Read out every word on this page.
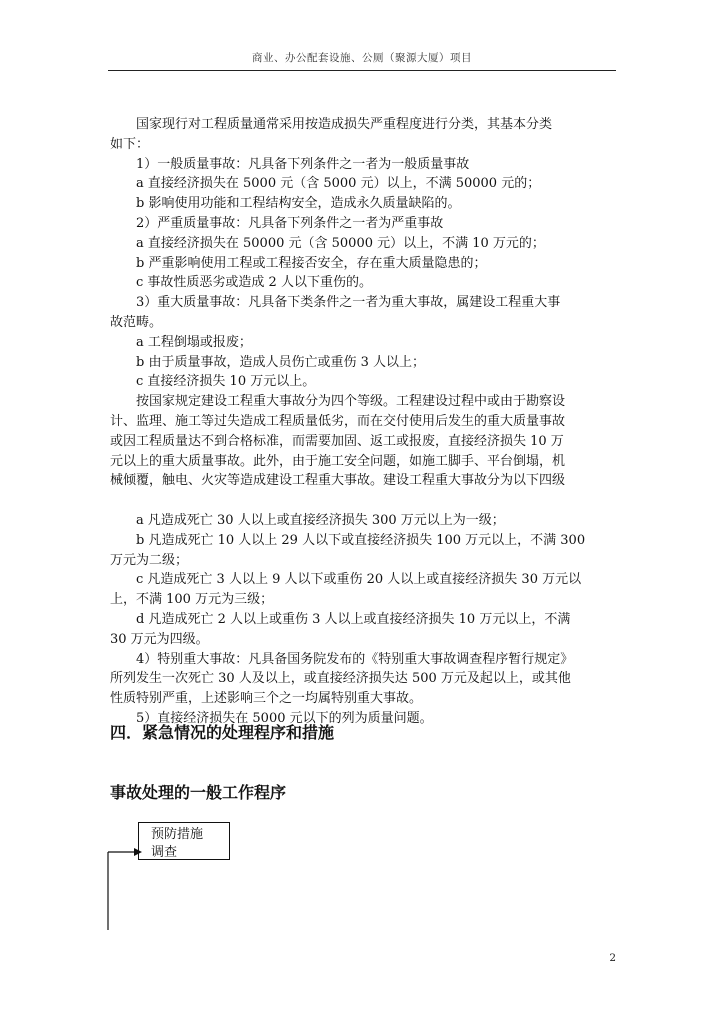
商业、办公配套设施、公厕（聚源大厦）项目

国家现行对工程质量通常采用按造成损失严重程度进行分类，其基本分类

如下：

1）一般质量事故：凡具备下列条件之一者为一般质量事故

a 直接经济损失在 5000 元（含 5000 元）以上，不满 50000 元的；

b 影响使用功能和工程结构安全，造成永久质量缺陷的。

2）严重质量事故：凡具备下列条件之一者为严重事故

a 直接经济损失在 50000 元（含 50000 元）以上，不满 10 万元的；

b 严重影响使用工程或工程接否安全，存在重大质量隐患的；

c 事故性质恶劣或造成 2 人以下重伤的。

3）重大质量事故：凡具备下类条件之一者为重大事故，属建设工程重大事

故范畴。

a 工程倒塌或报废；

b 由于质量事故，造成人员伤亡或重伤 3 人以上；

c 直接经济损失 10 万元以上。

按国家规定建设工程重大事故分为四个等级。工程建设过程中或由于勘察设

计、监理、施工等过失造成工程质量低劣，而在交付使用后发生的重大质量事故

或因工程质量达不到合格标准，而需要加固、返工或报废，直接经济损失 10 万

元以上的重大质量事故。此外，由于施工安全问题，如施工脚手、平台倒塌，机

械倾覆，触电、火灾等造成建设工程重大事故。建设工程重大事故分为以下四级

a 凡造成死亡 30 人以上或直接经济损失 300 万元以上为一级；

b 凡造成死亡 10 人以上 29 人以下或直接经济损失 100 万元以上，不满 300

万元为二级；

c 凡造成死亡 3 人以上 9 人以下或重伤 20 人以上或直接经济损失 30 万元以

上，不满 100 万元为三级；

d 凡造成死亡 2 人以上或重伤 3 人以上或直接经济损失 10 万元以上，不满

30 万元为四级。

4）特别重大事故：凡具备国务院发布的《特别重大事故调查程序暂行规定》

所列发生一次死亡 30 人及以上，或直接经济损失达 500 万元及起以上，或其他

性质特别严重，上述影响三个之一均属特别重大事故。

5）直接经济损失在 5000 元以下的列为质量问题。

四．紧急情况的处理程序和措施
事故处理的一般工作程序
预防措施
调查
2
